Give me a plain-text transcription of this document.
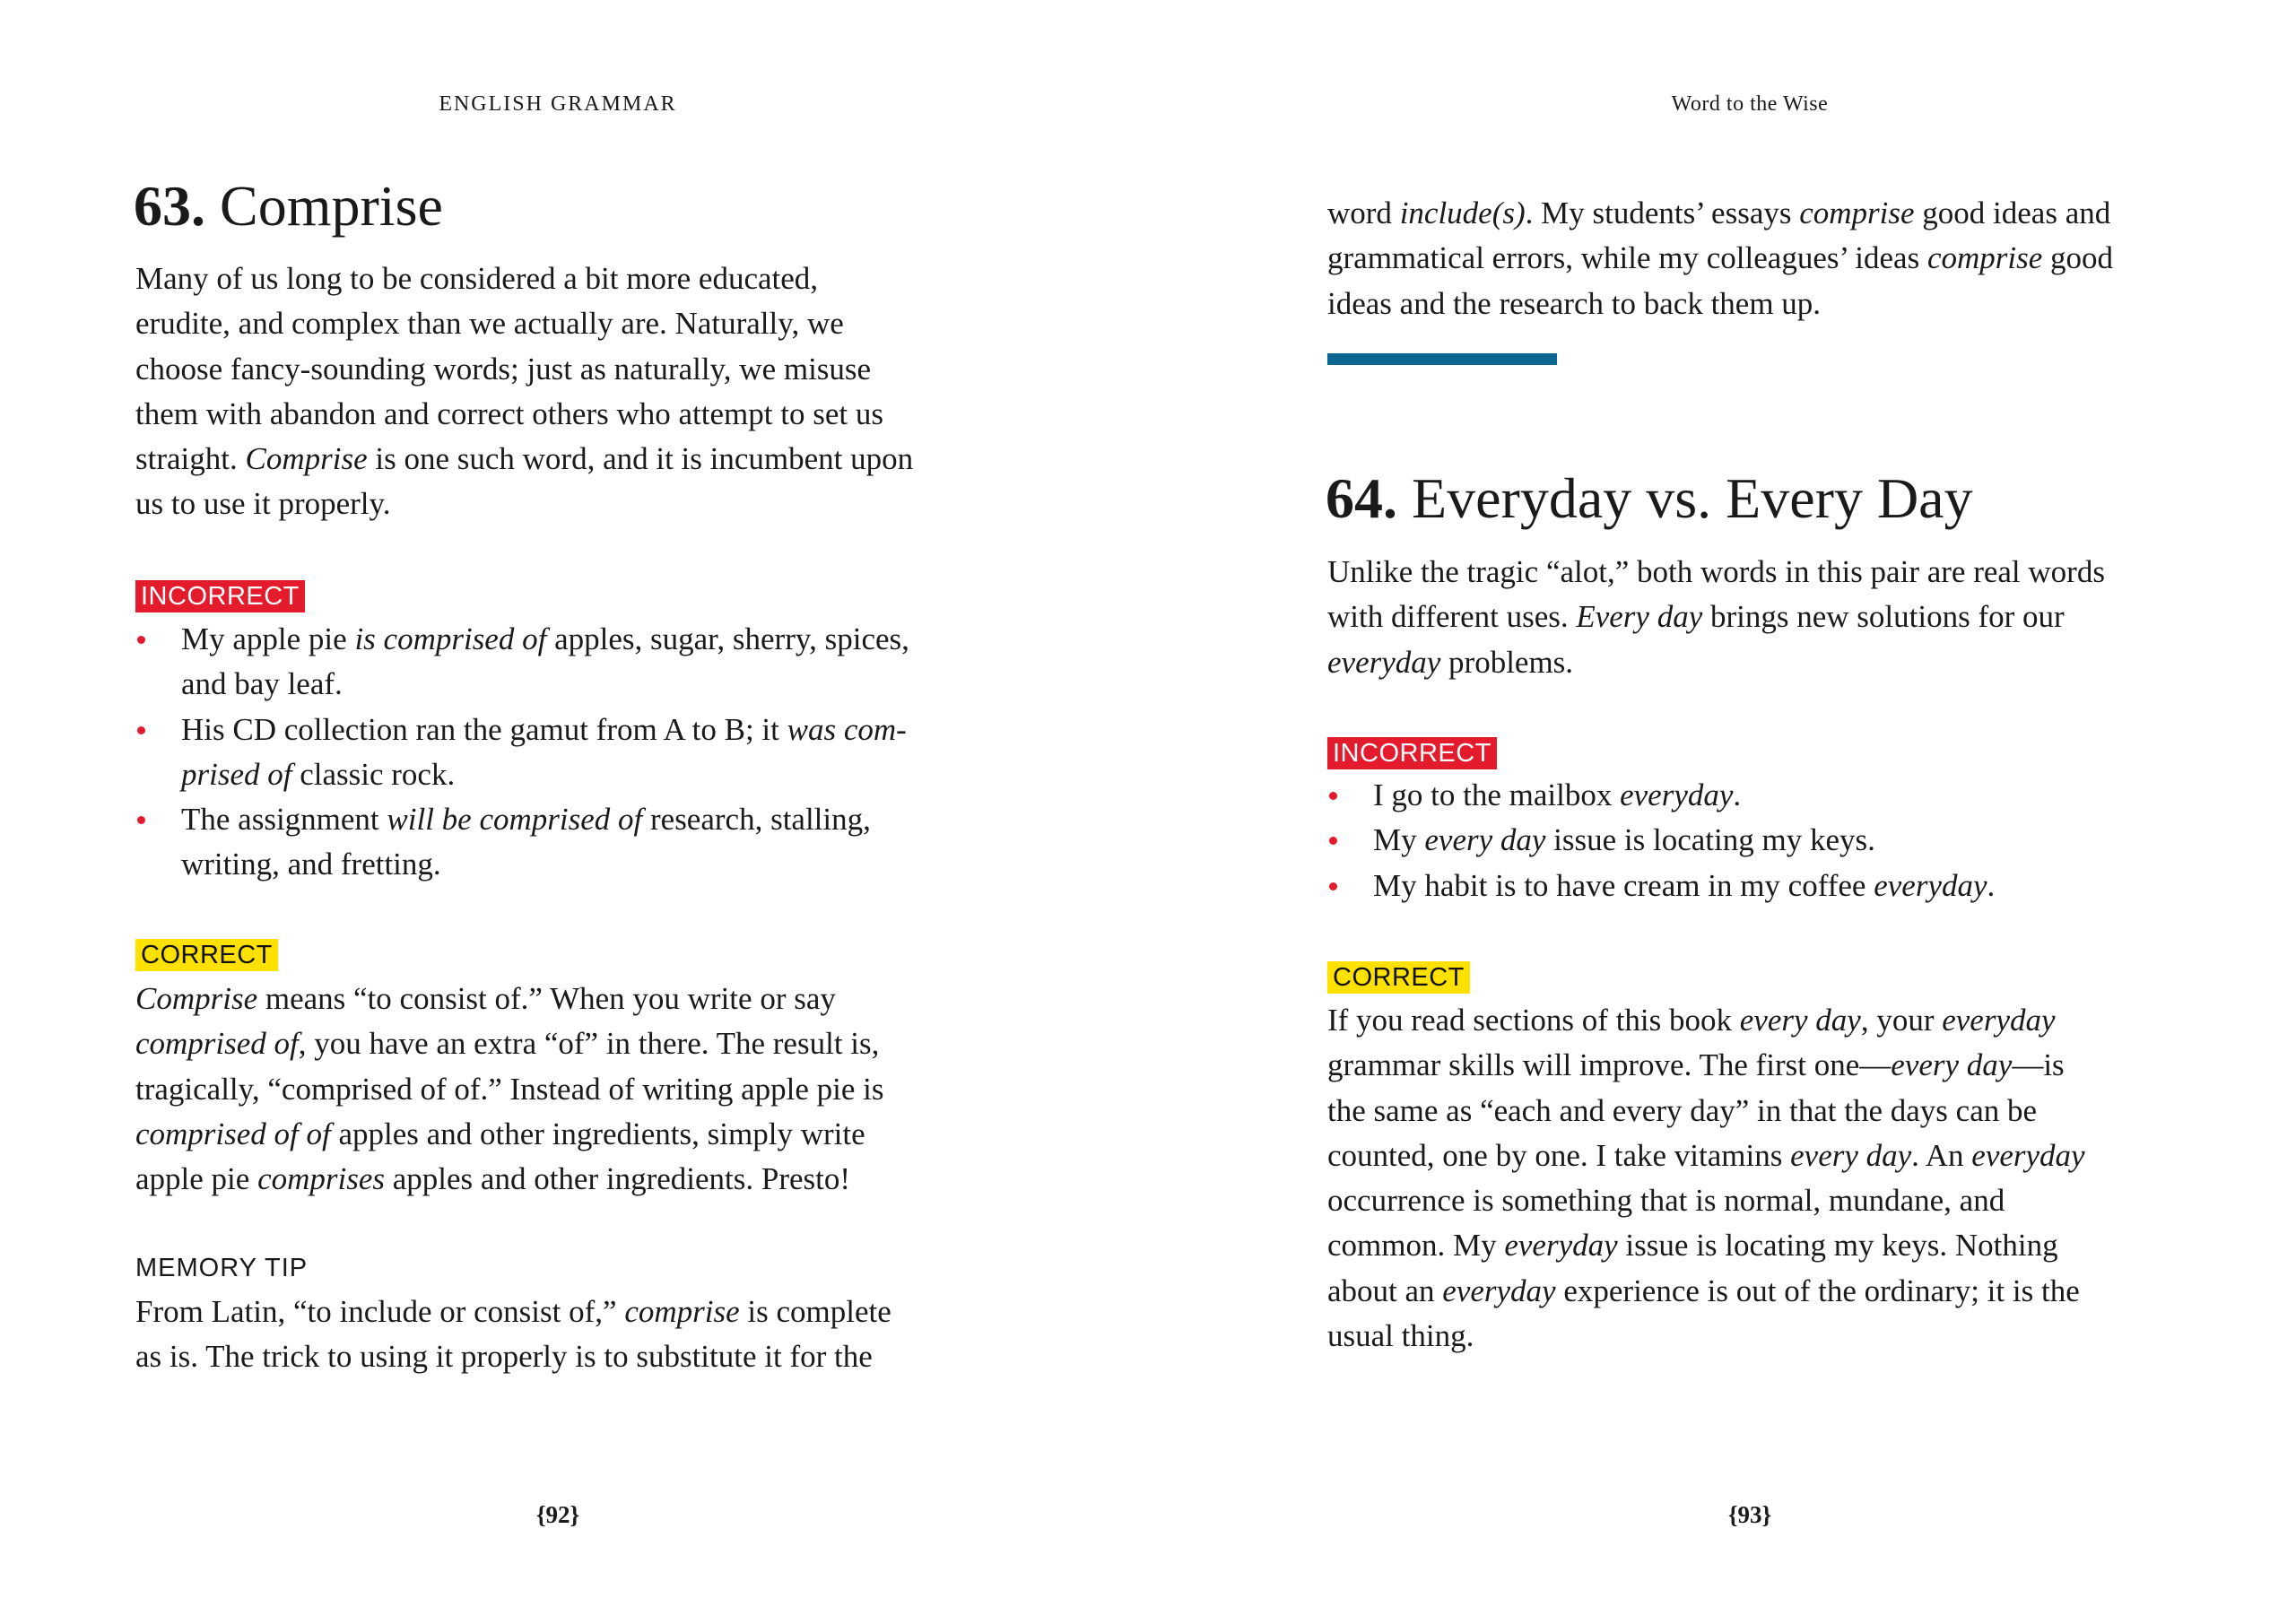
ENGLISH GRAMMAR
63. Comprise
Many of us long to be considered a bit more educated,
erudite, and complex than we actually are. Naturally, we
choose fancy-sounding words; just as naturally, we misuse
them with abandon and correct others who attempt to set us
straight. Comprise is one such word, and it is incumbent upon
us to use it properly.
INCORRECT
My apple pie is comprised of apples, sugar, sherry, spices,
and bay leaf.
His CD collection ran the gamut from A to B; it was com-
prised of classic rock.
The assignment will be comprised of research, stalling,
writing, and fretting.
CORRECT
Comprise means “to consist of.” When you write or say
comprised of, you have an extra “of” in there. The result is,
tragically, “comprised of of.” Instead of writing apple pie is
comprised of of apples and other ingredients, simply write
apple pie comprises apples and other ingredients. Presto!
MEMORY TIP
From Latin, “to include or consist of,” comprise is complete
as is. The trick to using it properly is to substitute it for the
{92}
Word to the Wise
word include(s). My students’ essays comprise good ideas and
grammatical errors, while my colleagues’ ideas comprise good
ideas and the research to back them up.
64. Everyday vs. Every Day
Unlike the tragic “alot,” both words in this pair are real words
with different uses. Every day brings new solutions for our
everyday problems.
INCORRECT
I go to the mailbox everyday.
My every day issue is locating my keys.
My habit is to have cream in my coffee everyday.
CORRECT
If you read sections of this book every day, your everyday
grammar skills will improve. The first one—every day—is
the same as “each and every day” in that the days can be
counted, one by one. I take vitamins every day. An everyday
occurrence is something that is normal, mundane, and
common. My everyday issue is locating my keys. Nothing
about an everyday experience is out of the ordinary; it is the
usual thing.
{93}
